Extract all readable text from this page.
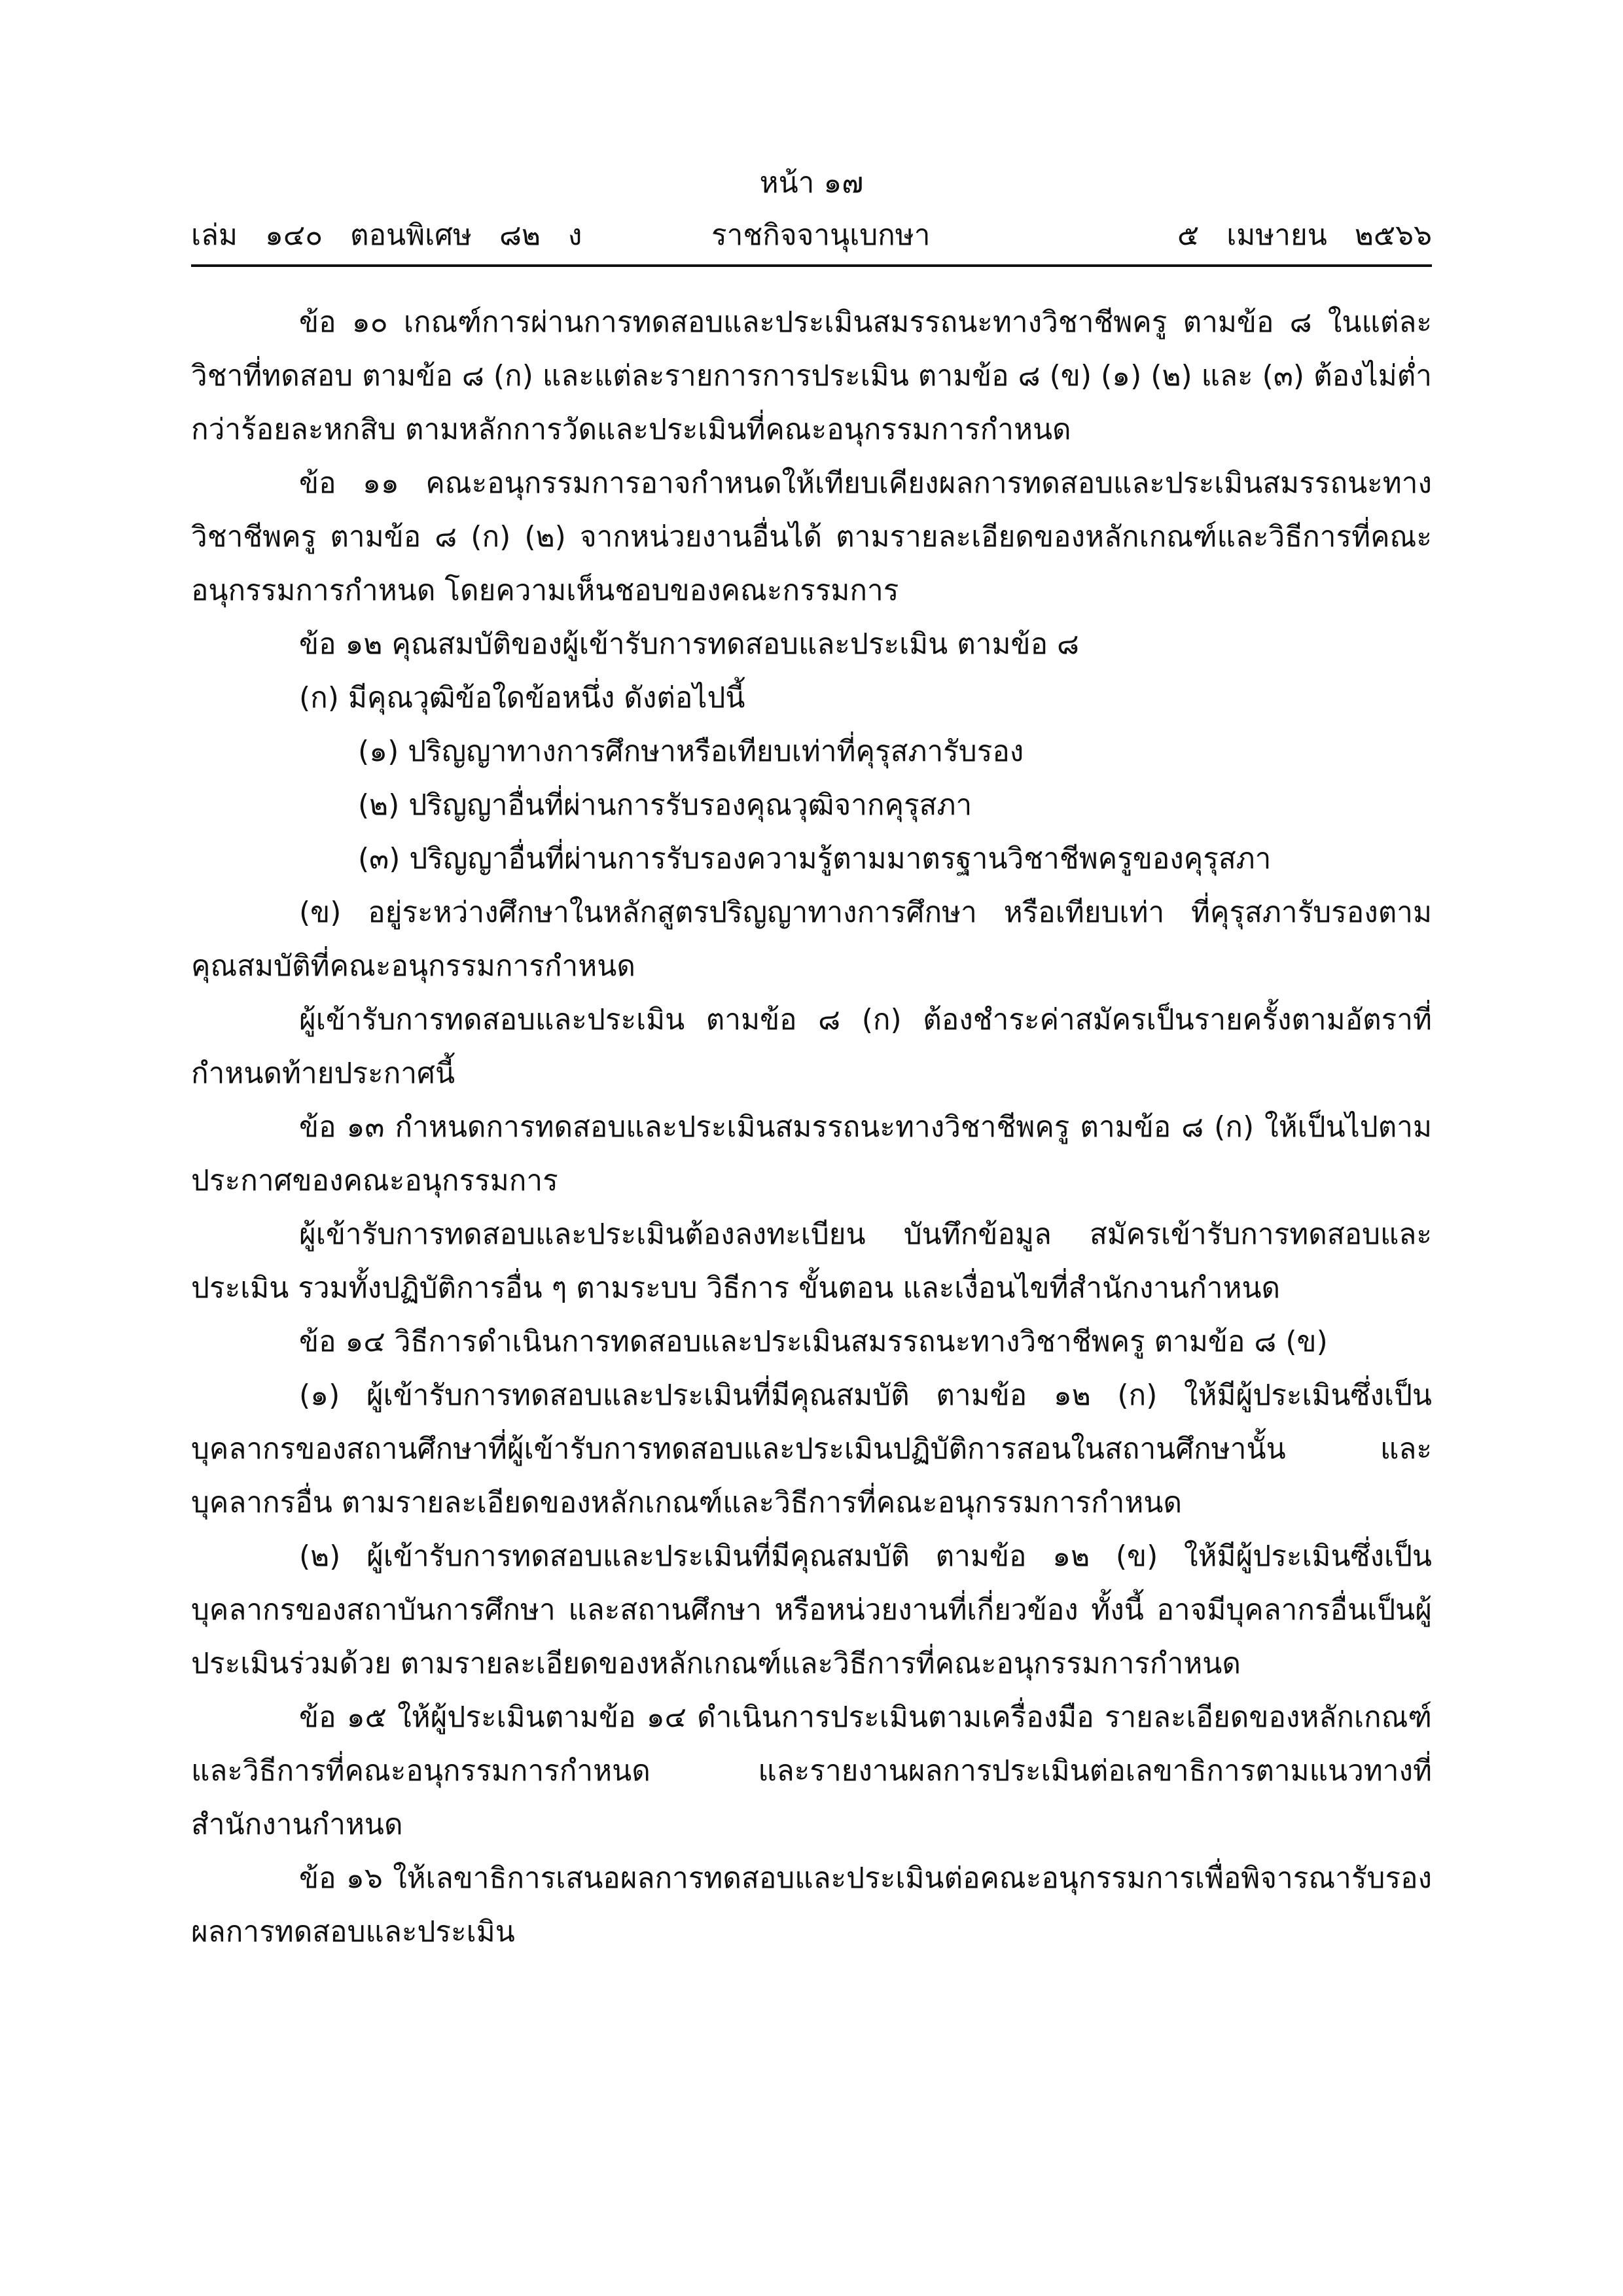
หน้า ๑๗
เล่ม   ๑๔๐   ตอนพิเศษ   ๘๒   ง	ราชกิจจานุเบกษา	๕   เมษายน   ๒๕๖๖

ข้อ ๑๐ เกณฑ์การผ่านการทดสอบและประเมินสมรรถนะทางวิชาชีพครู ตามข้อ ๘ ในแต่ละวิชาที่ทดสอบ ตามข้อ ๘ (ก) และแต่ละรายการการประเมิน ตามข้อ ๘ (ข) (๑) (๒) และ (๓) ต้องไม่ต่ำกว่าร้อยละหกสิบ ตามหลักการวัดและประเมินที่คณะอนุกรรมการกำหนด

ข้อ ๑๑ คณะอนุกรรมการอาจกำหนดให้เทียบเคียงผลการทดสอบและประเมินสมรรถนะทางวิชาชีพครู ตามข้อ ๘ (ก) (๒) จากหน่วยงานอื่นได้ ตามรายละเอียดของหลักเกณฑ์และวิธีการที่คณะอนุกรรมการกำหนด โดยความเห็นชอบของคณะกรรมการ

ข้อ ๑๒ คุณสมบัติของผู้เข้ารับการทดสอบและประเมิน ตามข้อ ๘

(ก) มีคุณวุฒิข้อใดข้อหนึ่ง ดังต่อไปนี้

(๑) ปริญญาทางการศึกษาหรือเทียบเท่าที่คุรุสภารับรอง

(๒) ปริญญาอื่นที่ผ่านการรับรองคุณวุฒิจากคุรุสภา

(๓) ปริญญาอื่นที่ผ่านการรับรองความรู้ตามมาตรฐานวิชาชีพครูของคุรุสภา

(ข) อยู่ระหว่างศึกษาในหลักสูตรปริญญาทางการศึกษา หรือเทียบเท่า ที่คุรุสภารับรองตามคุณสมบัติที่คณะอนุกรรมการกำหนด

ผู้เข้ารับการทดสอบและประเมิน ตามข้อ ๘ (ก) ต้องชำระค่าสมัครเป็นรายครั้งตามอัตราที่กำหนดท้ายประกาศนี้

ข้อ ๑๓ กำหนดการทดสอบและประเมินสมรรถนะทางวิชาชีพครู ตามข้อ ๘ (ก) ให้เป็นไปตามประกาศของคณะอนุกรรมการ

ผู้เข้ารับการทดสอบและประเมินต้องลงทะเบียน บันทึกข้อมูล สมัครเข้ารับการทดสอบและประเมิน รวมทั้งปฏิบัติการอื่น ๆ ตามระบบ วิธีการ ขั้นตอน และเงื่อนไขที่สำนักงานกำหนด

ข้อ ๑๔ วิธีการดำเนินการทดสอบและประเมินสมรรถนะทางวิชาชีพครู ตามข้อ ๘ (ข)

(๑) ผู้เข้ารับการทดสอบและประเมินที่มีคุณสมบัติ ตามข้อ ๑๒ (ก) ให้มีผู้ประเมินซึ่งเป็นบุคลากรของสถานศึกษาที่ผู้เข้ารับการทดสอบและประเมินปฏิบัติการสอนในสถานศึกษานั้น และบุคลากรอื่น ตามรายละเอียดของหลักเกณฑ์และวิธีการที่คณะอนุกรรมการกำหนด

(๒) ผู้เข้ารับการทดสอบและประเมินที่มีคุณสมบัติ ตามข้อ ๑๒ (ข) ให้มีผู้ประเมินซึ่งเป็นบุคลากรของสถาบันการศึกษา และสถานศึกษา หรือหน่วยงานที่เกี่ยวข้อง ทั้งนี้ อาจมีบุคลากรอื่นเป็นผู้ประเมินร่วมด้วย ตามรายละเอียดของหลักเกณฑ์และวิธีการที่คณะอนุกรรมการกำหนด

ข้อ ๑๕ ให้ผู้ประเมินตามข้อ ๑๔ ดำเนินการประเมินตามเครื่องมือ รายละเอียดของหลักเกณฑ์และวิธีการที่คณะอนุกรรมการกำหนด และรายงานผลการประเมินต่อเลขาธิการตามแนวทางที่สำนักงานกำหนด

ข้อ ๑๖ ให้เลขาธิการเสนอผลการทดสอบและประเมินต่อคณะอนุกรรมการเพื่อพิจารณารับรองผลการทดสอบและประเมิน
